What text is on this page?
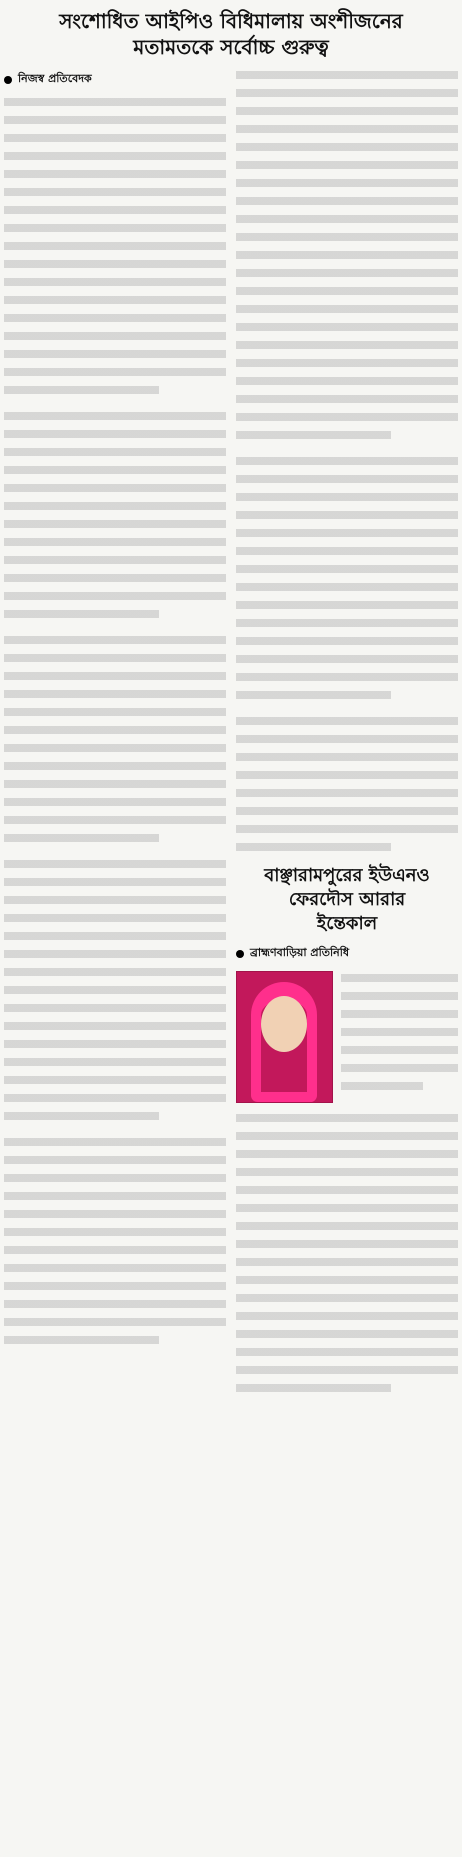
সংশোধিত আইপিও বিধিমালায় অংশীজনের
মতামতকে সর্বোচ্চ গুরুত্ব
নিজস্ব প্রতিবেদক
বাঞ্ছারামপুরের ইউএনও
ফেরদৌস আরার
ইন্তেকাল
ব্রাহ্মণবাড়িয়া প্রতিনিধি
